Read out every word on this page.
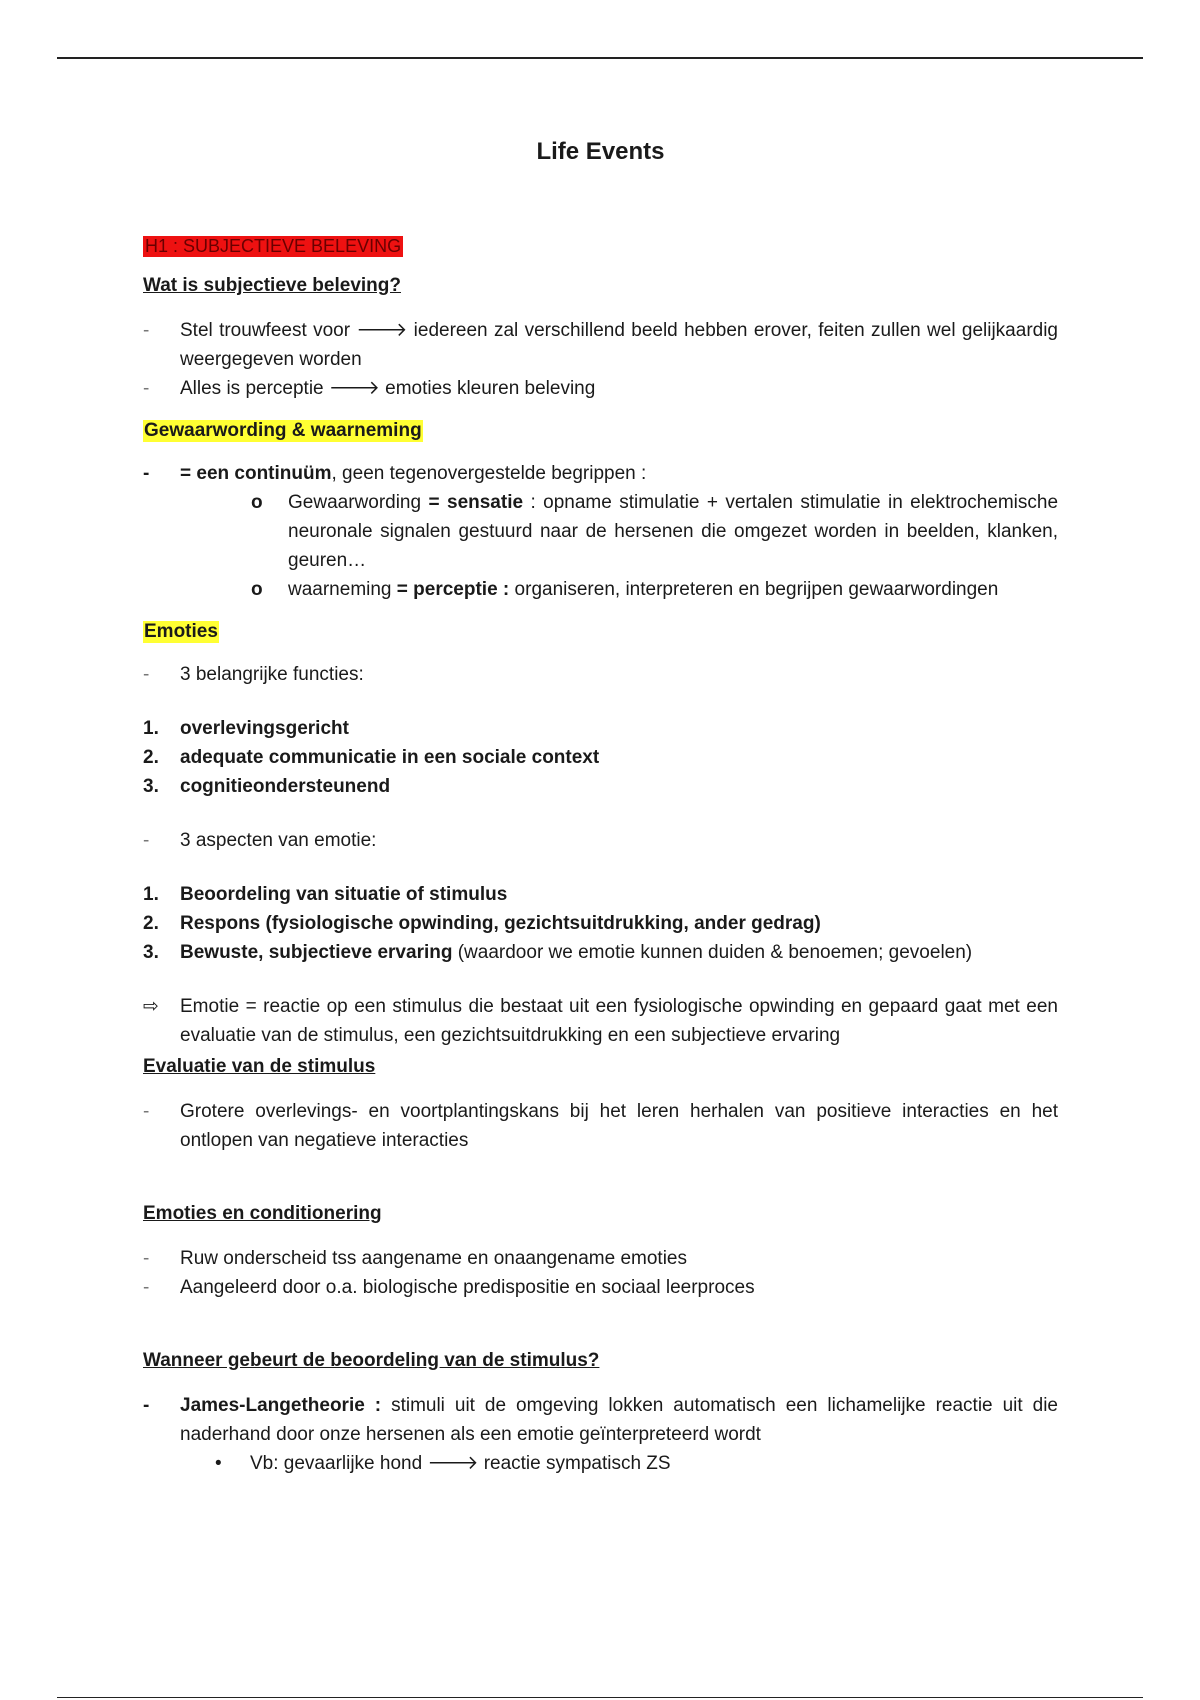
Life Events
H1 : SUBJECTIEVE BELEVING
Wat is subjectieve beleving?
-	Stel trouwfeest voor 🡒 iedereen zal verschillend beeld hebben erover, feiten zullen wel gelijkaardig weergegeven worden
-	Alles is perceptie 🡒 emoties kleuren beleving
Gewaarwording & waarneming
-	= een continuüm, geen tegenovergestelde begrippen :
o Gewaarwording = sensatie : opname stimulatie + vertalen stimulatie in elektrochemische neuronale signalen gestuurd naar de hersenen die omgezet worden in beelden, klanken, geuren…
o waarneming = perceptie : organiseren, interpreteren en begrijpen gewaarwordingen
Emoties
-	3 belangrijke functies:
1. overlevingsgericht
2. adequate communicatie in een sociale context
3. cognitieondersteunend
-	3 aspecten van emotie:
1. Beoordeling van situatie of stimulus
2. Respons (fysiologische opwinding, gezichtsuitdrukking, ander gedrag)
3. Bewuste, subjectieve ervaring (waardoor we emotie kunnen duiden & benoemen; gevoelen)
⇨ Emotie = reactie op een stimulus die bestaat uit een fysiologische opwinding en gepaard gaat met een evaluatie van de stimulus, een gezichtsuitdrukking en een subjectieve ervaring
Evaluatie van de stimulus
-	Grotere overlevings- en voortplantingskans bij het leren herhalen van positieve interacties en het ontlopen van negatieve interacties
Emoties en conditionering
-	Ruw onderscheid tss aangename en onaangename emoties
-	Aangeleerd door o.a. biologische predispositie en sociaal leerproces
Wanneer gebeurt de beoordeling van de stimulus?
-	James-Langetheorie : stimuli uit de omgeving lokken automatisch een lichamelijke reactie uit die naderhand door onze hersenen als een emotie geïnterpreteerd wordt
• Vb: gevaarlijke hond 🡒 reactie sympatisch ZS
